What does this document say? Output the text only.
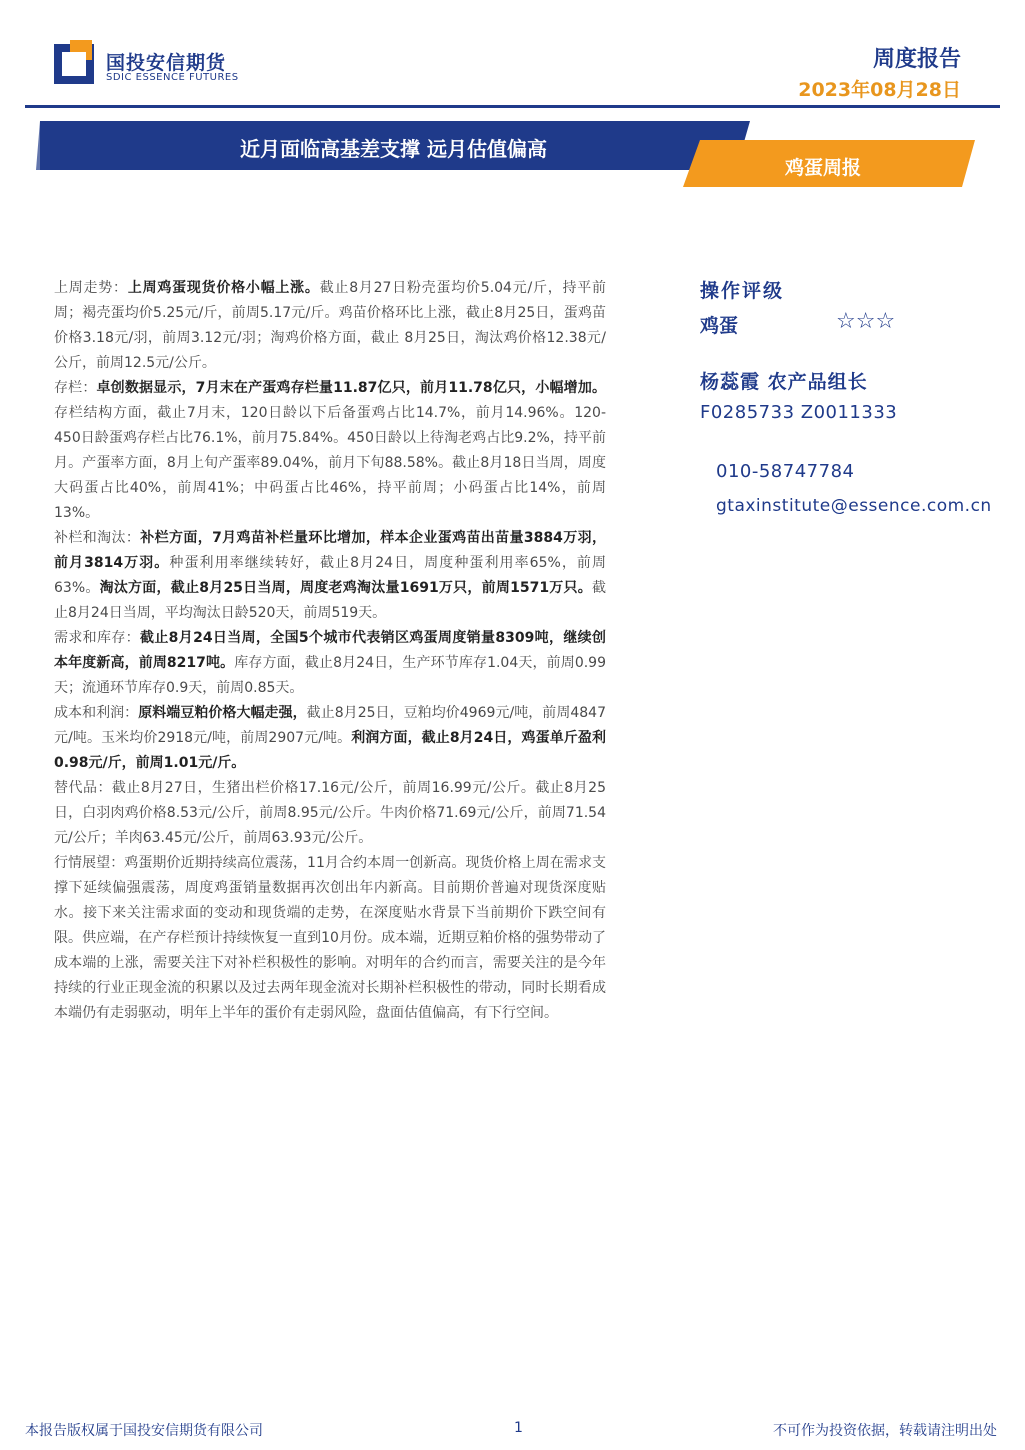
国投安信期货
SDIC ESSENCE FUTURES
周度报告
2023年08月28日
近月面临高基差支撑 远月估值偏高
鸡蛋周报

上周走势：上周鸡蛋现货价格小幅上涨。截止8月27日粉壳蛋均价5.04元/斤，持平前周；褐壳蛋均价5.25元/斤，前周5.17元/斤。鸡苗价格环比上涨，截止8月25日，蛋鸡苗价格3.18元/羽，前周3.12元/羽；淘鸡价格方面，截止 8月25日，淘汰鸡价格12.38元/公斤，前周12.5元/公斤。

存栏：卓创数据显示，7月末在产蛋鸡存栏量11.87亿只，前月11.78亿只，小幅增加。存栏结构方面，截止7月末，120日龄以下后备蛋鸡占比14.7%，前月14.96%。120-450日龄蛋鸡存栏占比76.1%，前月75.84%。450日龄以上待淘老鸡占比9.2%，持平前月。产蛋率方面，8月上旬产蛋率89.04%，前月下旬88.58%。截止8月18日当周，周度大码蛋占比40%，前周41%；中码蛋占比46%，持平前周；小码蛋占比14%，前周13%。

补栏和淘汰：补栏方面，7月鸡苗补栏量环比增加，样本企业蛋鸡苗出苗量3884万羽，前月3814万羽。种蛋利用率继续转好，截止8月24日，周度种蛋利用率65%，前周63%。淘汰方面，截止8月25日当周，周度老鸡淘汰量1691万只，前周1571万只。截止8月24日当周，平均淘汰日龄520天，前周519天。

需求和库存：截止8月24日当周，全国5个城市代表销区鸡蛋周度销量8309吨，继续创本年度新高，前周8217吨。库存方面，截止8月24日，生产环节库存1.04天，前周0.99天；流通环节库存0.9天，前周0.85天。

成本和利润：原料端豆粕价格大幅走强，截止8月25日，豆粕均价4969元/吨，前周4847元/吨。玉米均价2918元/吨，前周2907元/吨。利润方面，截止8月24日，鸡蛋单斤盈利0.98元/斤，前周1.01元/斤。

替代品：截止8月27日，生猪出栏价格17.16元/公斤，前周16.99元/公斤。截止8月25日，白羽肉鸡价格8.53元/公斤，前周8.95元/公斤。牛肉价格71.69元/公斤，前周71.54元/公斤；羊肉63.45元/公斤，前周63.93元/公斤。

行情展望：鸡蛋期价近期持续高位震荡，11月合约本周一创新高。现货价格上周在需求支撑下延续偏强震荡，周度鸡蛋销量数据再次创出年内新高。目前期价普遍对现货深度贴水。接下来关注需求面的变动和现货端的走势，在深度贴水背景下当前期价下跌空间有限。供应端，在产存栏预计持续恢复一直到10月份。成本端，近期豆粕价格的强势带动了成本端的上涨，需要关注下对补栏积极性的影响。对明年的合约而言，需要关注的是今年持续的行业正现金流的积累以及过去两年现金流对长期补栏积极性的带动，同时长期看成本端仍有走弱驱动，明年上半年的蛋价有走弱风险，盘面估值偏高，有下行空间。

操作评级
鸡蛋	☆☆☆
杨蕊霞 农产品组长
F0285733 Z0011333
010-58747784
gtaxinstitute@essence.com.cn
本报告版权属于国投安信期货有限公司	1	不可作为投资依据，转载请注明出处
